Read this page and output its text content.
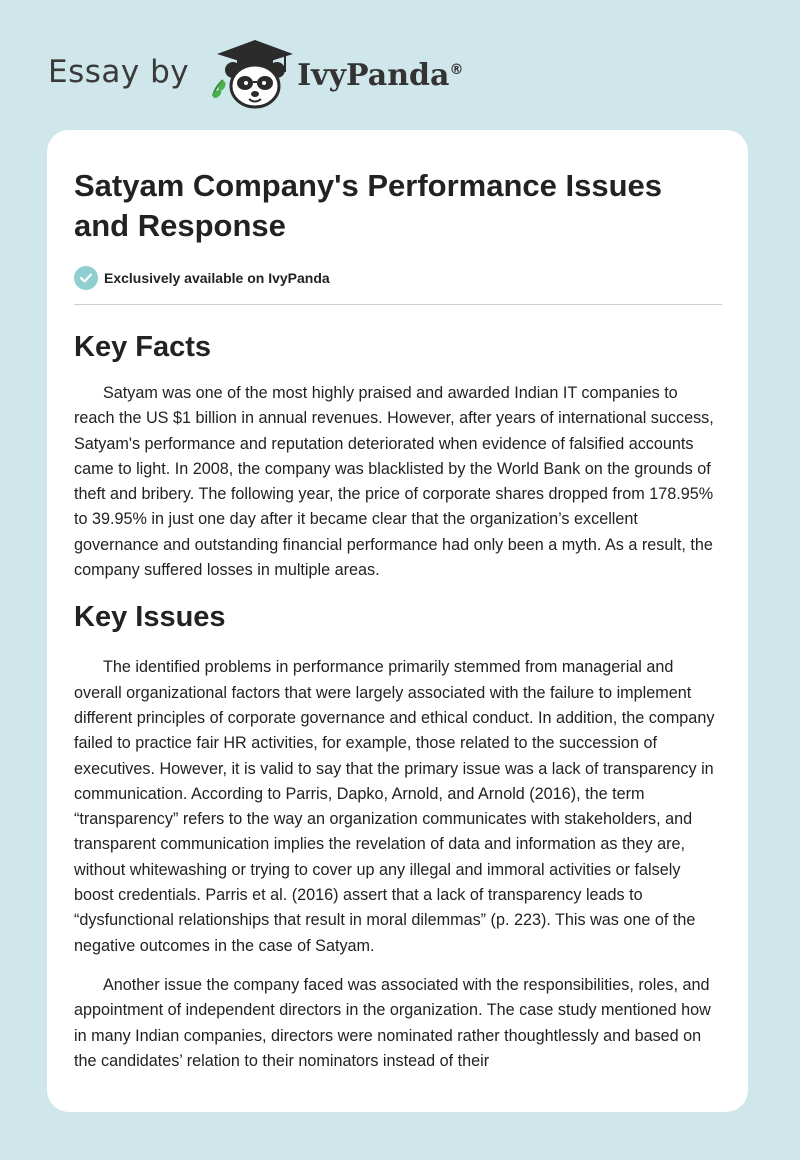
Essay by	IvyPanda®
Satyam Company's Performance Issues and Response
Exclusively available on IvyPanda
Key Facts

Satyam was one of the most highly praised and awarded Indian IT companies to reach the US $1 billion in annual revenues. However, after years of international success, Satyam's performance and reputation deteriorated when evidence of falsified accounts came to light. In 2008, the company was blacklisted by the World Bank on the grounds of theft and bribery. The following year, the price of corporate shares dropped from 178.95% to 39.95% in just one day after it became clear that the organization’s excellent governance and outstanding financial performance had only been a myth. As a result, the company suffered losses in multiple areas.

Key Issues

The identified problems in performance primarily stemmed from managerial and overall organizational factors that were largely associated with the failure to implement different principles of corporate governance and ethical conduct. In addition, the company failed to practice fair HR activities, for example, those related to the succession of executives. However, it is valid to say that the primary issue was a lack of transparency in communication. According to Parris, Dapko, Arnold, and Arnold (2016), the term “transparency” refers to the way an organization communicates with stakeholders, and transparent communication implies the revelation of data and information as they are, without whitewashing or trying to cover up any illegal and immoral activities or falsely boost credentials. Parris et al. (2016) assert that a lack of transparency leads to “dysfunctional relationships that result in moral dilemmas” (p. 223). This was one of the negative outcomes in the case of Satyam.

Another issue the company faced was associated with the responsibilities, roles, and appointment of independent directors in the organization. The case study mentioned how in many Indian companies, directors were nominated rather thoughtlessly and based on the candidates’ relation to their nominators instead of their
